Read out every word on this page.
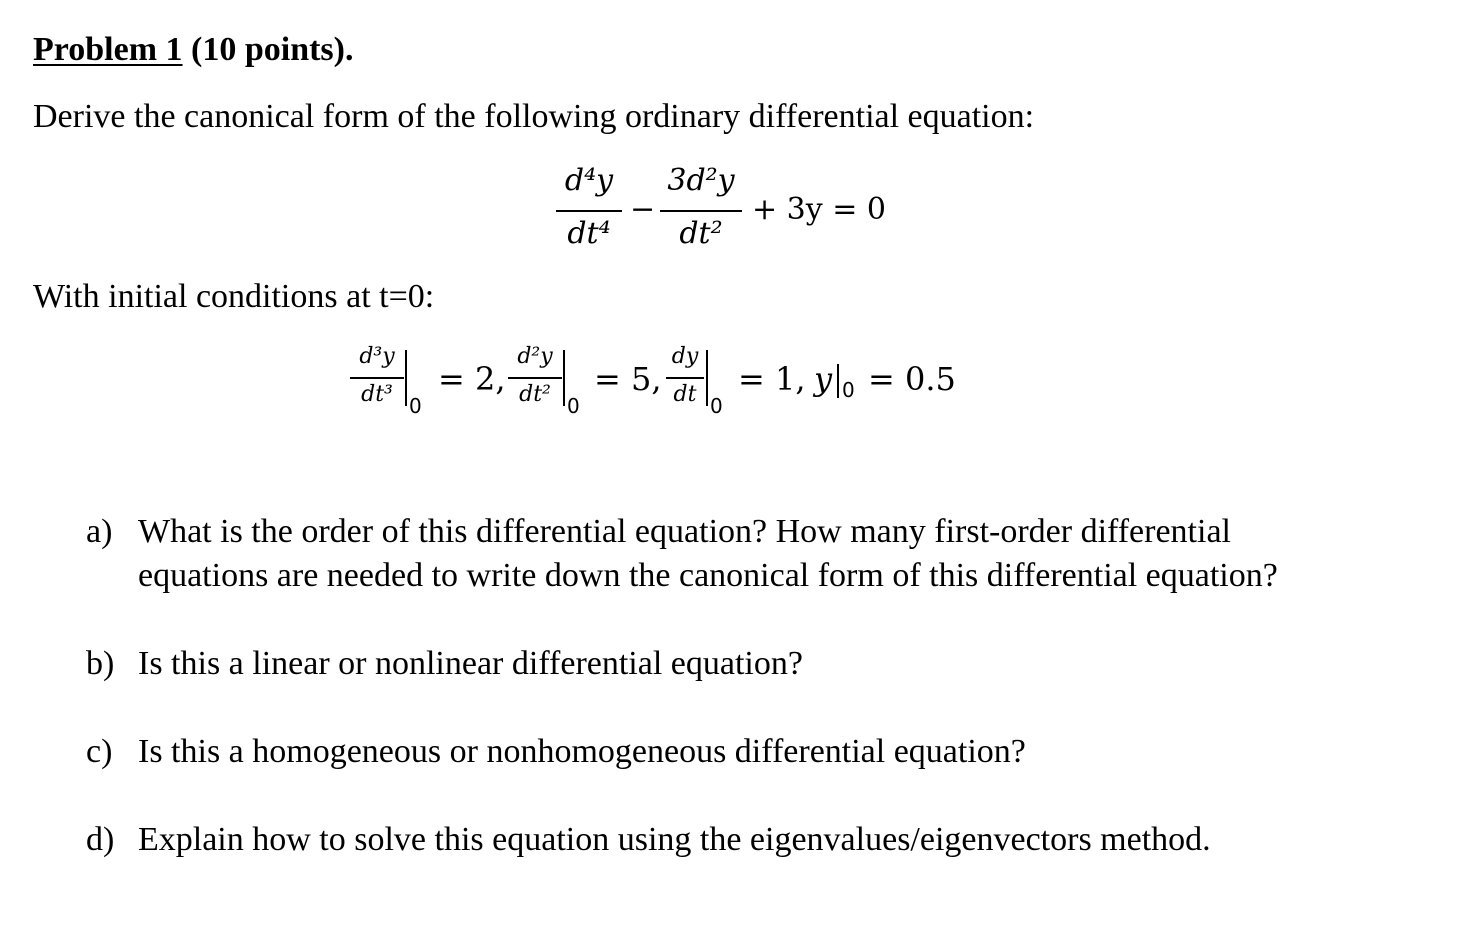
Problem 1 (10 points).
Derive the canonical form of the following ordinary differential equation:
d⁴y
dt⁴
−
3d²y
dt²
+ 3y = 0
With initial conditions at t=0:
d³y
dt³ 0
= 2,
d²y
dt² 0
= 5,
dy
dt 0
= 1, y 0 = 0.5
a) What is the order of this differential equation? How many first-order differential equations are needed to write down the canonical form of this differential equation?
b) Is this a linear or nonlinear differential equation?
c) Is this a homogeneous or nonhomogeneous differential equation?
d) Explain how to solve this equation using the eigenvalues/eigenvectors method.
